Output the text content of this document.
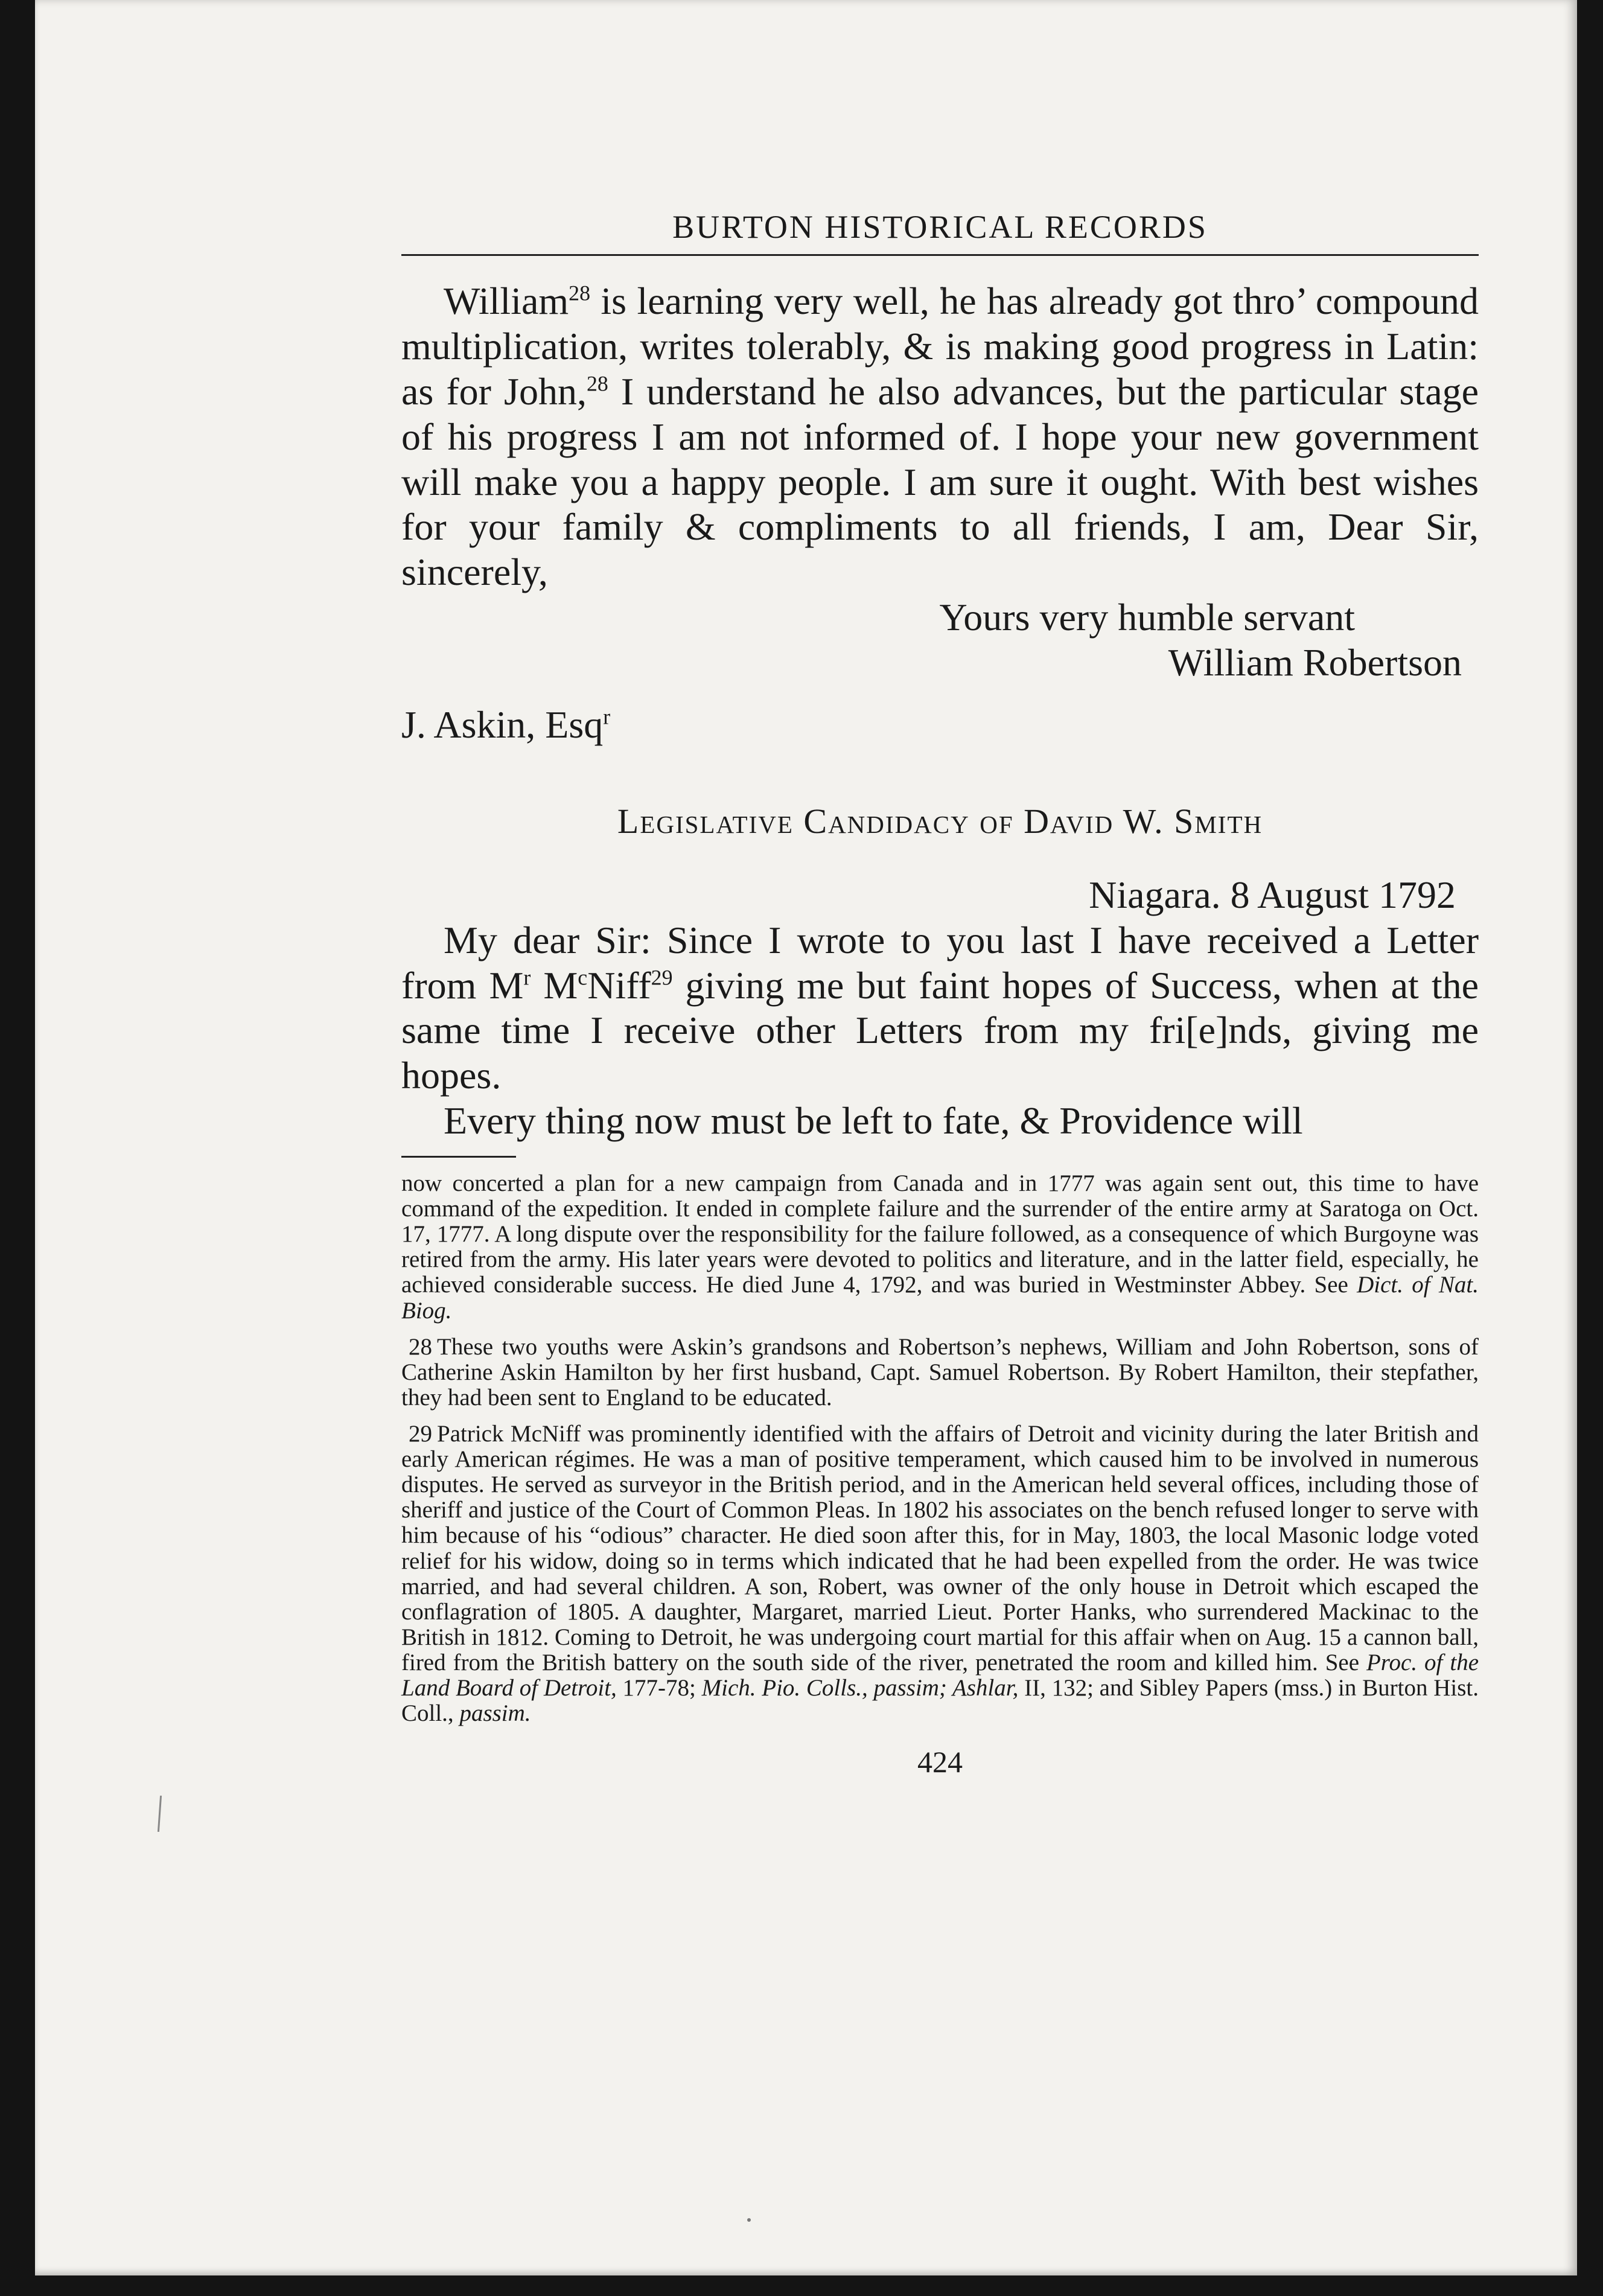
BURTON HISTORICAL RECORDS

William$^{28}$ is learning very well, he has already got thro’ compound multiplication, writes tolerably, & is making good progress in Latin: as for John,$^{28}$ I understand he also advances, but the particular stage of his progress I am not informed of. I hope your new government will make you a happy people. I am sure it ought. With best wishes for your family & compliments to all friends, I am, Dear Sir, sincerely,

Yours very humble servant
William Robertson
J. Askin, Esq$^r$
Legislative Candidacy of David W. Smith
Niagara. 8 August 1792

My dear Sir: Since I wrote to you last I have received a Letter from $M^r$ $M^cNiff^{29}$ giving me but faint hopes of Success, when at the same time I receive other Letters from my fri[e]nds, giving me hopes.

Every thing now must be left to fate, & Providence will

now concerted a plan for a new campaign from Canada and in 1777 was again sent out, this time to have command of the expedition. It ended in complete failure and the surrender of the entire army at Saratoga on Oct. 17, 1777. A long dispute over the responsibility for the failure followed, as a consequence of which Burgoyne was retired from the army. His later years were devoted to politics and literature, and in the latter field, especially, he achieved considerable success. He died June 4, 1792, and was buried in Westminster Abbey. See Dict. of Nat. Biog.

28 These two youths were Askin’s grandsons and Robertson’s nephews, William and John Robertson, sons of Catherine Askin Hamilton by her first husband, Capt. Samuel Robertson. By Robert Hamilton, their stepfather, they had been sent to England to be educated.

29 Patrick McNiff was prominently identified with the affairs of Detroit and vicinity during the later British and early American régimes. He was a man of positive temperament, which caused him to be involved in numerous disputes. He served as surveyor in the British period, and in the American held several offices, including those of sheriff and justice of the Court of Common Pleas. In 1802 his associates on the bench refused longer to serve with him because of his “odious” character. He died soon after this, for in May, 1803, the local Masonic lodge voted relief for his widow, doing so in terms which indicated that he had been expelled from the order. He was twice married, and had several children. A son, Robert, was owner of the only house in Detroit which escaped the conflagration of 1805. A daughter, Margaret, married Lieut. Porter Hanks, who surrendered Mackinac to the British in 1812. Coming to Detroit, he was undergoing court martial for this affair when on Aug. 15 a cannon ball, fired from the British battery on the south side of the river, penetrated the room and killed him. See Proc. of the Land Board of Detroit, 177-78; Mich. Pio. Colls., passim; Ashlar, II, 132; and Sibley Papers (mss.) in Burton Hist. Coll., passim.

424
